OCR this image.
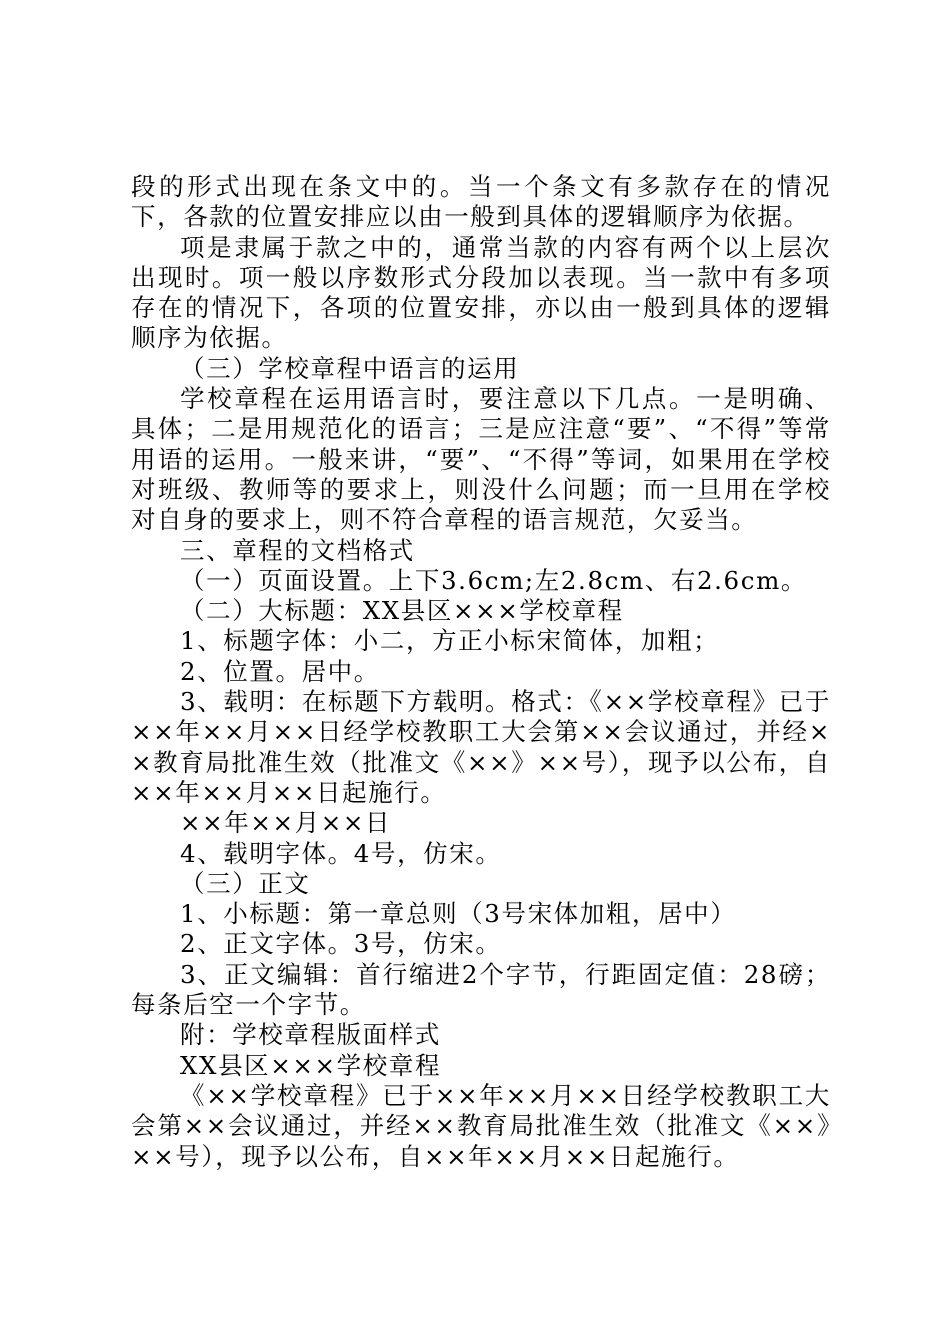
段的形式出现在条文中的。当一个条文有多款存在的情况下，各款的位置安排应以由一般到具体的逻辑顺序为依据。

项是隶属于款之中的，通常当款的内容有两个以上层次出现时。项一般以序数形式分段加以表现。当一款中有多项存在的情况下，各项的位置安排，亦以由一般到具体的逻辑顺序为依据。

（三）学校章程中语言的运用

学校章程在运用语言时，要注意以下几点。一是明确、具体；二是用规范化的语言；三是应注意“要”、“不得”等常用语的运用。一般来讲，“要”、“不得”等词，如果用在学校对班级、教师等的要求上，则没什么问题；而一旦用在学校对自身的要求上，则不符合章程的语言规范，欠妥当。

三、章程的文档格式

（一）页面设置。上下3.6cm;左2.8cm、右2.6cm。

（二）大标题：XX县区×××学校章程

1、标题字体：小二，方正小标宋简体，加粗；

2、位置。居中。

3、载明：在标题下方载明。格式：《××学校章程》已于××年××月××日经学校教职工大会第××会议通过，并经××教育局批准生效（批准文《××》××号），现予以公布，自××年××月××日起施行。

××年××月××日

4、载明字体。4号，仿宋。

（三）正文

1、小标题：第一章总则（3号宋体加粗，居中）

2、正文字体。3号，仿宋。

3、正文编辑：首行缩进2个字节，行距固定值：28磅；每条后空一个字节。

附：学校章程版面样式

XX县区×××学校章程

《××学校章程》已于××年××月××日经学校教职工大会第××会议通过，并经××教育局批准生效（批准文《××》××号），现予以公布，自××年××月××日起施行。
